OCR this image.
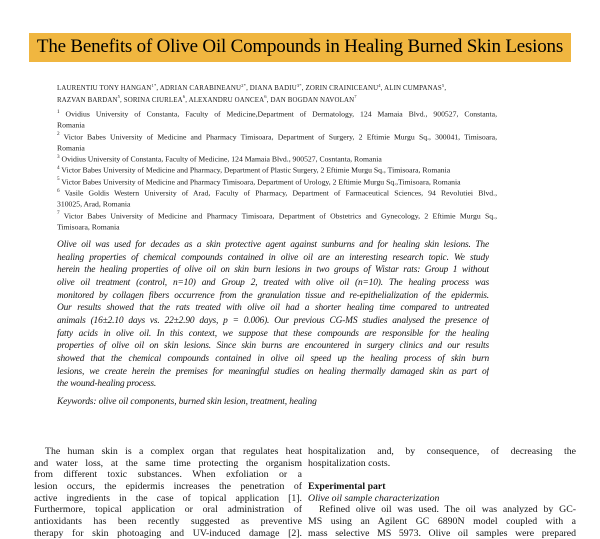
The Benefits of Olive Oil Compounds in Healing Burned Skin Lesions
LAURENTIU TONY $HANGAN^{1*}$, ADRIAN $CARABINEANU^{2*}$, DIANA $BADIU^{3*}$, ZORIN CRAINICEANU$^4$, ALIN CUMPANAS$^5$,
RAZVAN BARDAN$^5$, SORINA CIURLEA$^6$, ALEXANDRU OANCEA$^6$, DAN BOGDAN NAVOLAN$^7$
$^1$ Ovidius University of Constanta, Faculty of Medicine,Department of Dermatology, 124 Mamaia Blvd., 900527, Constanta,
Romania
$^2$ Victor Babes University of Medicine and Pharmacy Timisoara, Department of Surgery, 2 Eftimie Murgu Sq., 300041, Timisoara,
Romania
$^3$ Ovidius University of Constanta, Faculty of Medicine, 124 Mamaia Blvd., 900527, Cosntanta, Romania
$^4$ Victor Babes University of Medicine and Pharmacy, Department of Plastic Surgery, 2 Eftimie Murgu Sq., Timisoara, Romania
$^5$ Victor Babes University of Medicine and Pharmacy Timisoara, Department of Urology, 2 Eftimie Murgu Sq.,Timisoara, Romania
$^6$ Vasile Goldis Western University of Arad, Faculty of Pharmacy, Department of Farmaceutical Sciences, 94 Revolutiei Blvd.,
310025, Arad, Romania
$^7$ Victor Babes University of Medicine and Pharmacy Timisoara, Department of Obstetrics and Gynecology, 2 Eftimie Murgu Sq.,
Timisoara, Romania
Olive oil was used for decades as a skin protective agent against sunburns and for healing skin lesions. The
healing properties of chemical compounds contained in olive oil are an interesting research topic. We study
herein the healing properties of olive oil on skin burn lesions in two groups of Wistar rats: Group 1 without
olive oil treatment (control, n=10) and Group 2, treated with olive oil (n=10). The healing process was
monitored by collagen fibers occurrence from the granulation tissue and re-epithelialization of the epidermis.
Our results showed that the rats treated with olive oil had a shorter healing time compared to untreated
animals (16±2.10 days vs. 22±2.90 days, p = 0.006). Our previous CG-MS studies analysed the presence of
fatty acids in olive oil. In this context, we suppose that these compounds are responsible for the healing
properties of olive oil on skin lesions. Since skin burns are encountered in surgery clinics and our results
showed that the chemical compounds contained in olive oil speed up the healing process of skin burn
lesions, we create herein the premises for meaningful studies on healing thermally damaged skin as part of
the wound-healing process.
Keywords: olive oil components, burned skin lesion, treatment, healing
The human skin is a complex organ that regulates heat
and water loss, at the same time protecting the organism
from different toxic substances. When exfoliation or a
lesion occurs, the epidermis increases the penetration of
active ingredients in the case of topical application [1].
Furthermore, topical application or oral administration of
antioxidants has been recently suggested as preventive
therapy for skin photoaging and UV-induced damage [2].
hospitalization and, by consequence, of decreasing the
hospitalization costs.
Experimental part
Olive oil sample characterization
Refined olive oil was used. The oil was analyzed by GC-
MS using an Agilent GC 6890N model coupled with a
mass selective MS 5973. Olive oil samples were prepared
